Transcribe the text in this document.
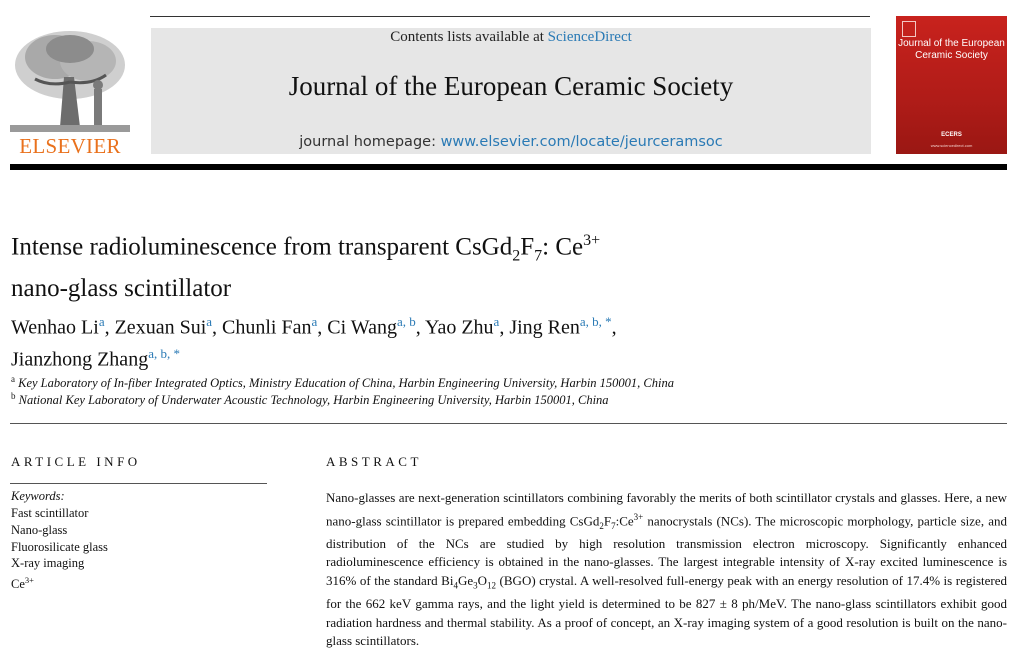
ELSEVIER
Contents lists available at ScienceDirect
Journal of the European Ceramic Society
journal homepage: www.elsevier.com/locate/jeurceramsoc
Journal of the European Ceramic Society
ECERS
www.sciencedirect.com
Intense radioluminescence from transparent $CsGd_2F_7$: $Ce^{3+}$
nano-glass scintillator
Wenhao Li$^a$, Zexuan Sui$^a$, Chunli Fan$^a$, Ci Wang$^{a, b}$, Yao Zhu$^a$, Jing Ren$^{a, b, *}$,
Jianzhong Zhang$^{a, b, *}$
$^a$ Key Laboratory of In-fiber Integrated Optics, Ministry Education of China, Harbin Engineering University, Harbin 150001, China
$^b$ National Key Laboratory of Underwater Acoustic Technology, Harbin Engineering University, Harbin 150001, China
ARTICLE INFO	ABSTRACT
Keywords:
Fast scintillator
Nano-glass
Fluorosilicate glass
X-ray imaging
$Ce^{3+}$

Nano-glasses are next-generation scintillators combining favorably the merits of both scintillator crystals and glasses. Here, a new nano-glass scintillator is prepared embedding $CsGd_2F_7:Ce^{3+}$ nanocrystals (NCs). The microscopic morphology, particle size, and distribution of the NCs are studied by high resolution transmission electron microscopy. Significantly enhanced radioluminescence efficiency is obtained in the nano-glasses. The largest integrable intensity of X-ray excited luminescence is 316% of the standard $Bi_4Ge_3O_{12}$ (BGO) crystal. A well-resolved full-energy peak with an energy resolution of 17.4% is registered for the 662 keV gamma rays, and the light yield is determined to be 827 ± 8 ph/MeV. The nano-glass scintillators exhibit good radiation hardness and thermal stability. As a proof of concept, an X-ray imaging system of a good resolution is built on the nano-glass scintillators.
